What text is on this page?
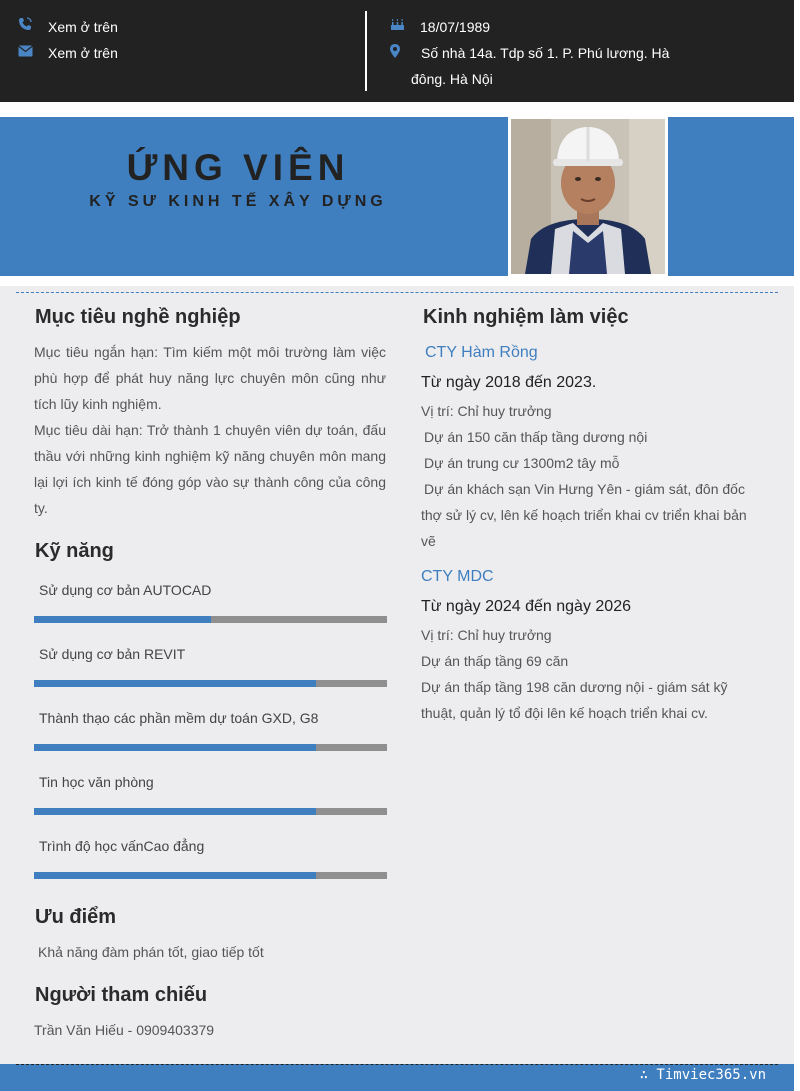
Xem ở trên
Xem ở trên
18/07/1989
Số nhà 14a. Tdp số 1. P. Phú lương. Hà
đông. Hà Nội
ỨNG VIÊN
KỸ SƯ KINH TẾ XÂY DỰNG
Mục tiêu nghề nghiệp

Mục tiêu ngắn hạn: Tìm kiếm một môi trường làm việc phù hợp để phát huy năng lực chuyên môn cũng như tích lũy kinh nghiệm.

Mục tiêu dài hạn: Trở thành 1 chuyên viên dự toán, đấu thầu với những kinh nghiệm kỹ năng chuyên môn mang lại lợi ích kinh tế đóng góp vào sự thành công của công ty.

Kỹ năng
Sử dụng cơ bản AUTOCAD
Sử dụng cơ bản REVIT
Thành thạo các phần mềm dự toán GXD, G8
Tin học văn phòng
Trình độ học vấnCao đẳng
Ưu điểm
Khả năng đàm phán tốt, giao tiếp tốt
Người tham chiếu
Trần Văn Hiếu - 0909403379
Kinh nghiệm làm việc
CTY Hàm Rồng
Từ ngày 2018 đến 2023.
Vị trí: Chỉ huy trưởng
Dự án 150 căn thấp tầng dương nội
Dự án trung cư 1300m2 tây mỗ
Dự án khách sạn Vin Hưng Yên - giám sát, đôn đốc thợ sử lý cv, lên kế hoạch triển khai cv triển khai bản vẽ
CTY MDC
Từ ngày 2024 đến ngày 2026
Vị trí: Chỉ huy trưởng
Dự án thấp tầng 69 căn
Dự án thấp tầng 198 căn dương nội - giám sát kỹ thuật, quản lý tổ đội lên kế hoạch triển khai cv.
∴ Timviec365.vn
